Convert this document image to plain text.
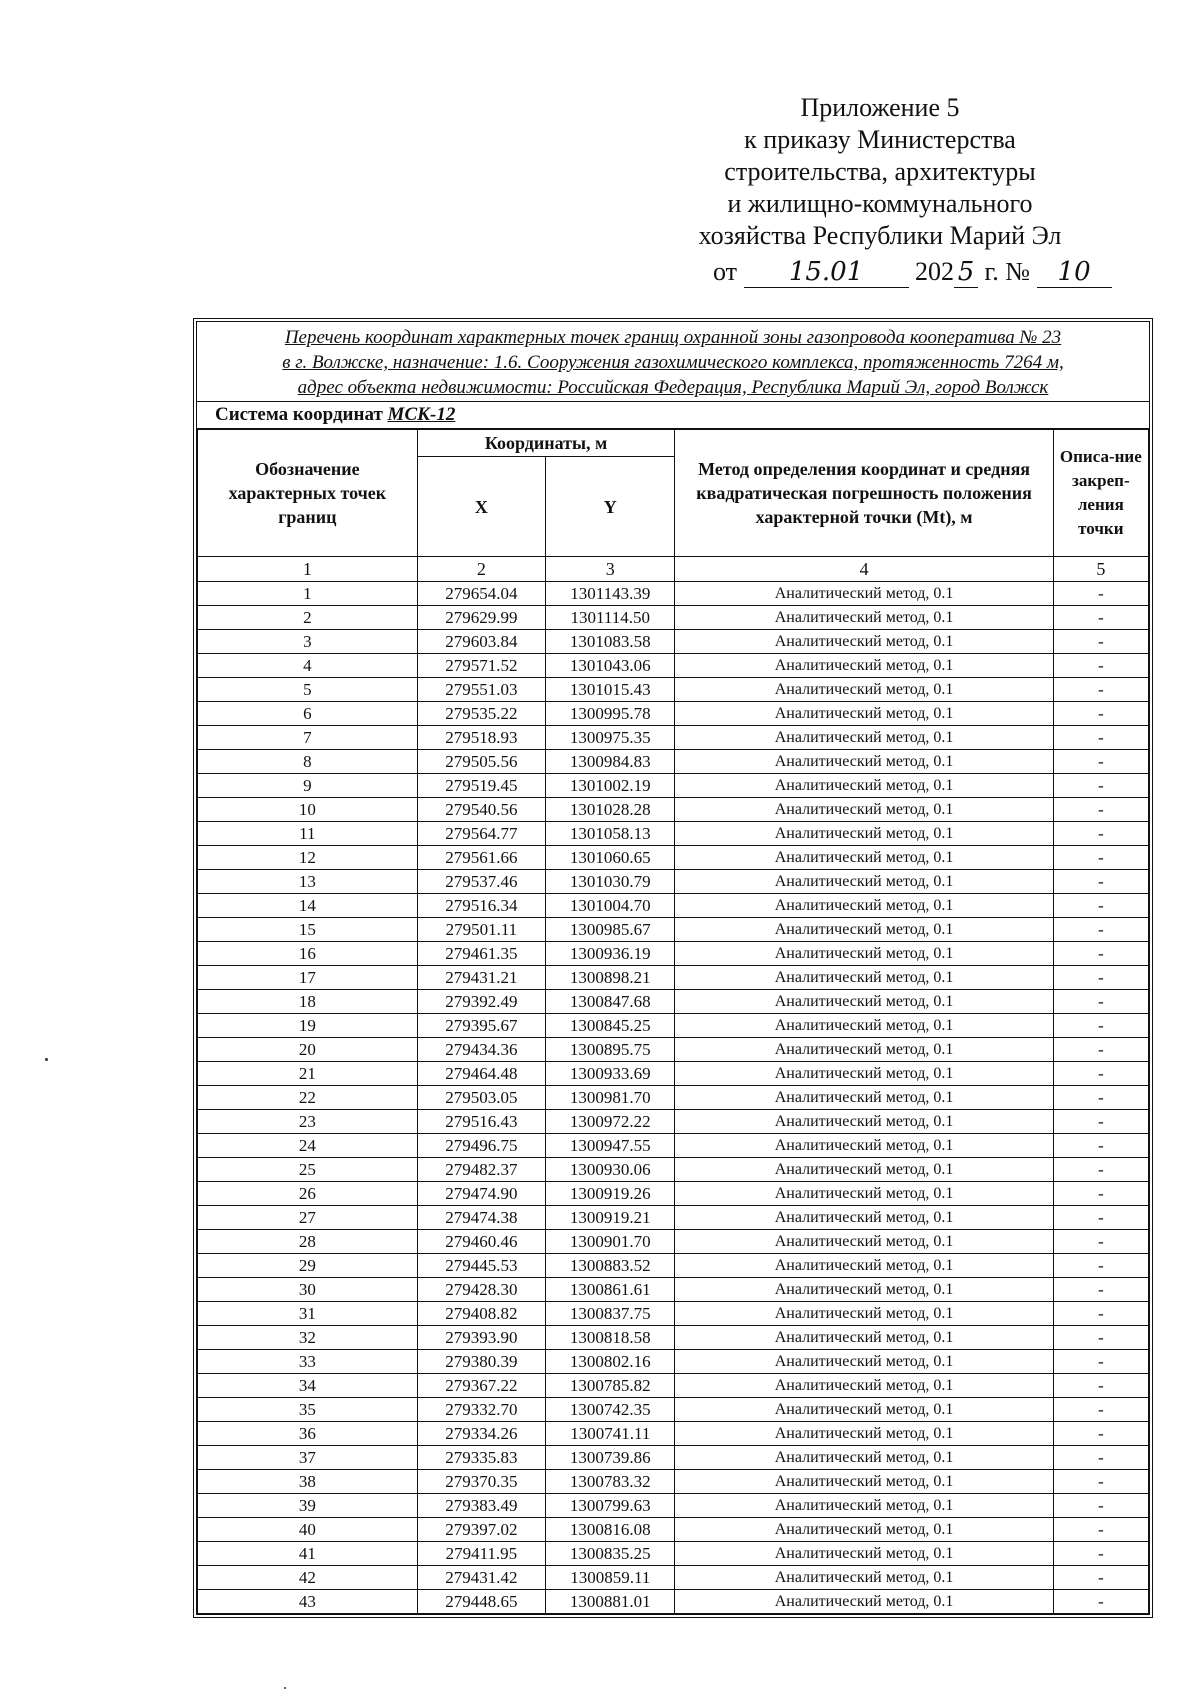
Приложение 5
к приказу Министерства
строительства, архитектуры
и жилищно-коммунального
хозяйства Республики Марий Эл
от 15.01 202 5 г. № 10
Перечень координат характерных точек границ охранной зоны газопровода кооператива № 23
в г. Волжске, назначение: 1.6. Сооружения газохимического комплекса, протяженность 7264 м,
адрес объекта недвижимости: Российская Федерация, Республика Марий Эл, город Волжск
Система координат МСК-12
Обозначение характерных точек границ	Координаты, м		Метод определения координат и средняя квадратическая погрешность положения характерной точки (Mt), м	Описа-ние закреп-ления точки
	X	Y		
1	2	3	4	5
1	279654.04	1301143.39	Аналитический метод, 0.1	-
2	279629.99	1301114.50	Аналитический метод, 0.1	-
3	279603.84	1301083.58	Аналитический метод, 0.1	-
4	279571.52	1301043.06	Аналитический метод, 0.1	-
5	279551.03	1301015.43	Аналитический метод, 0.1	-
6	279535.22	1300995.78	Аналитический метод, 0.1	-
7	279518.93	1300975.35	Аналитический метод, 0.1	-
8	279505.56	1300984.83	Аналитический метод, 0.1	-
9	279519.45	1301002.19	Аналитический метод, 0.1	-
10	279540.56	1301028.28	Аналитический метод, 0.1	-
11	279564.77	1301058.13	Аналитический метод, 0.1	-
12	279561.66	1301060.65	Аналитический метод, 0.1	-
13	279537.46	1301030.79	Аналитический метод, 0.1	-
14	279516.34	1301004.70	Аналитический метод, 0.1	-
15	279501.11	1300985.67	Аналитический метод, 0.1	-
16	279461.35	1300936.19	Аналитический метод, 0.1	-
17	279431.21	1300898.21	Аналитический метод, 0.1	-
18	279392.49	1300847.68	Аналитический метод, 0.1	-
19	279395.67	1300845.25	Аналитический метод, 0.1	-
20	279434.36	1300895.75	Аналитический метод, 0.1	-
21	279464.48	1300933.69	Аналитический метод, 0.1	-
22	279503.05	1300981.70	Аналитический метод, 0.1	-
23	279516.43	1300972.22	Аналитический метод, 0.1	-
24	279496.75	1300947.55	Аналитический метод, 0.1	-
25	279482.37	1300930.06	Аналитический метод, 0.1	-
26	279474.90	1300919.26	Аналитический метод, 0.1	-
27	279474.38	1300919.21	Аналитический метод, 0.1	-
28	279460.46	1300901.70	Аналитический метод, 0.1	-
29	279445.53	1300883.52	Аналитический метод, 0.1	-
30	279428.30	1300861.61	Аналитический метод, 0.1	-
31	279408.82	1300837.75	Аналитический метод, 0.1	-
32	279393.90	1300818.58	Аналитический метод, 0.1	-
33	279380.39	1300802.16	Аналитический метод, 0.1	-
34	279367.22	1300785.82	Аналитический метод, 0.1	-
35	279332.70	1300742.35	Аналитический метод, 0.1	-
36	279334.26	1300741.11	Аналитический метод, 0.1	-
37	279335.83	1300739.86	Аналитический метод, 0.1	-
38	279370.35	1300783.32	Аналитический метод, 0.1	-
39	279383.49	1300799.63	Аналитический метод, 0.1	-
40	279397.02	1300816.08	Аналитический метод, 0.1	-
41	279411.95	1300835.25	Аналитический метод, 0.1	-
42	279431.42	1300859.11	Аналитический метод, 0.1	-
43	279448.65	1300881.01	Аналитический метод, 0.1	-
